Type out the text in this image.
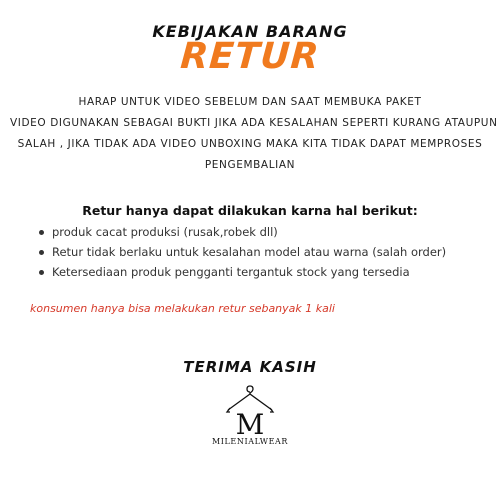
KEBIJAKAN BARANG
RETUR
HARAP UNTUK VIDEO SEBELUM DAN SAAT MEMBUKA PAKET
VIDEO DIGUNAKAN SEBAGAI BUKTI JIKA ADA KESALAHAN SEPERTI KURANG ATAUPUN
SALAH , JIKA TIDAK ADA VIDEO UNBOXING MAKA KITA TIDAK DAPAT MEMPROSES
PENGEMBALIAN
Retur hanya dapat dilakukan karna hal berikut:
produk cacat produksi (rusak,robek dll)
Retur tidak berlaku untuk kesalahan model atau warna (salah order)
Ketersediaan produk pengganti tergantuk stock yang tersedia
konsumen hanya bisa melakukan retur sebanyak 1 kali
TERIMA KASIH
M
MILENIALWEAR
